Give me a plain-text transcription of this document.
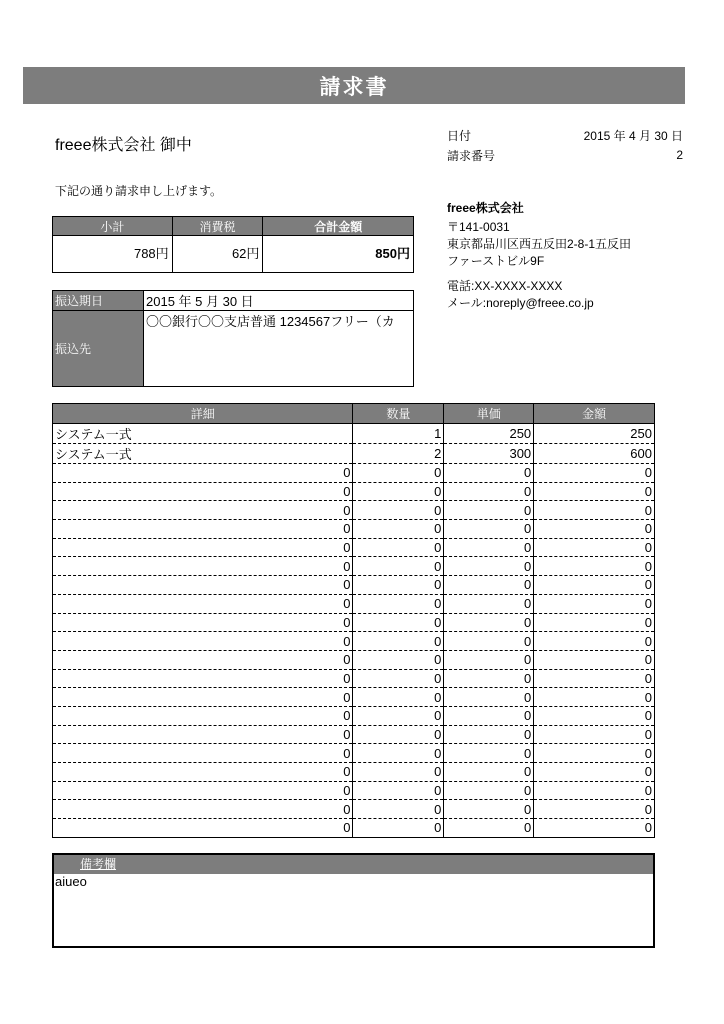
請求書
freee株式会社 御中
下記の通り請求申し上げます。
日付	2015 年 4 月 30 日
請求番号	2
freee株式会社
〒141-0031
東京都品川区西五反田2-8-1五反田
ファーストビル9F
電話:XX-XXXX-XXXX
メール:noreply@freee.co.jp
小計	消費税	合計金額
788円	62円	850円
振込期日	2015 年 5 月 30 日
振込先	〇〇銀行〇〇支店普通 1234567フリー（カ
詳細	数量	単価	金額
システム一式	1	250	250
システム一式	2	300	600
0	0	0	0
0	0	0	0
0	0	0	0
0	0	0	0
0	0	0	0
0	0	0	0
0	0	0	0
0	0	0	0
0	0	0	0
0	0	0	0
0	0	0	0
0	0	0	0
0	0	0	0
0	0	0	0
0	0	0	0
0	0	0	0
0	0	0	0
0	0	0	0
0	0	0	0
0	0	0	0
備考欄
aiueo
